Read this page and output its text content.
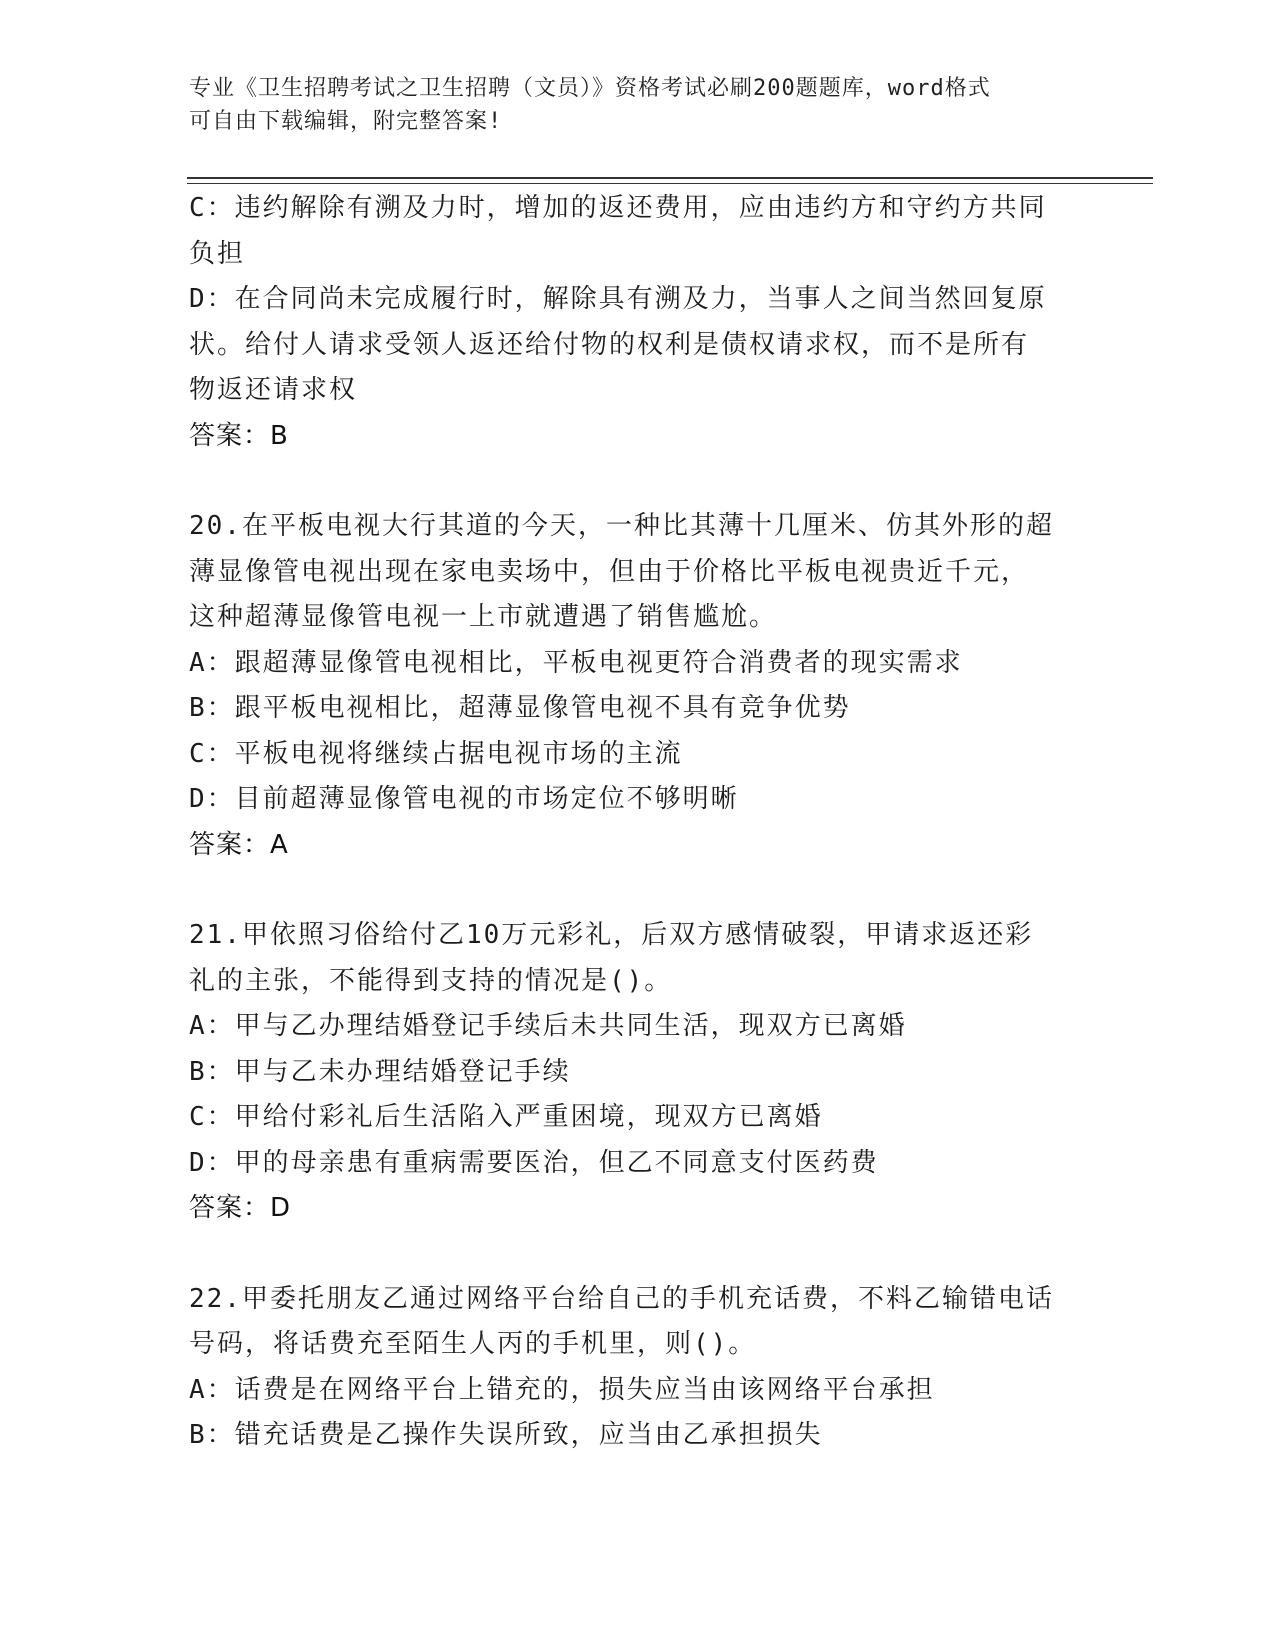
专业《卫生招聘考试之卫生招聘（文员）》资格考试必刷200题题库，word格式
可自由下载编辑，附完整答案!
C：违约解除有溯及力时，增加的返还费用，应由违约方和守约方共同
负担
D：在合同尚未完成履行时，解除具有溯及力，当事人之间当然回复原
状。给付人请求受领人返还给付物的权利是债权请求权，而不是所有
物返还请求权
答案：B
20.在平板电视大行其道的今天，一种比其薄十几厘米、仿其外形的超
薄显像管电视出现在家电卖场中，但由于价格比平板电视贵近千元，
这种超薄显像管电视一上市就遭遇了销售尴尬。
A：跟超薄显像管电视相比，平板电视更符合消费者的现实需求
B：跟平板电视相比，超薄显像管电视不具有竞争优势
C：平板电视将继续占据电视市场的主流
D：目前超薄显像管电视的市场定位不够明晰
答案：A
21.甲依照习俗给付乙10万元彩礼，后双方感情破裂，甲请求返还彩
礼的主张，不能得到支持的情况是()。
A：甲与乙办理结婚登记手续后未共同生活，现双方已离婚
B：甲与乙未办理结婚登记手续
C：甲给付彩礼后生活陷入严重困境，现双方已离婚
D：甲的母亲患有重病需要医治，但乙不同意支付医药费
答案：D
22.甲委托朋友乙通过网络平台给自己的手机充话费，不料乙输错电话
号码，将话费充至陌生人丙的手机里，则()。
A：话费是在网络平台上错充的，损失应当由该网络平台承担
B：错充话费是乙操作失误所致，应当由乙承担损失
